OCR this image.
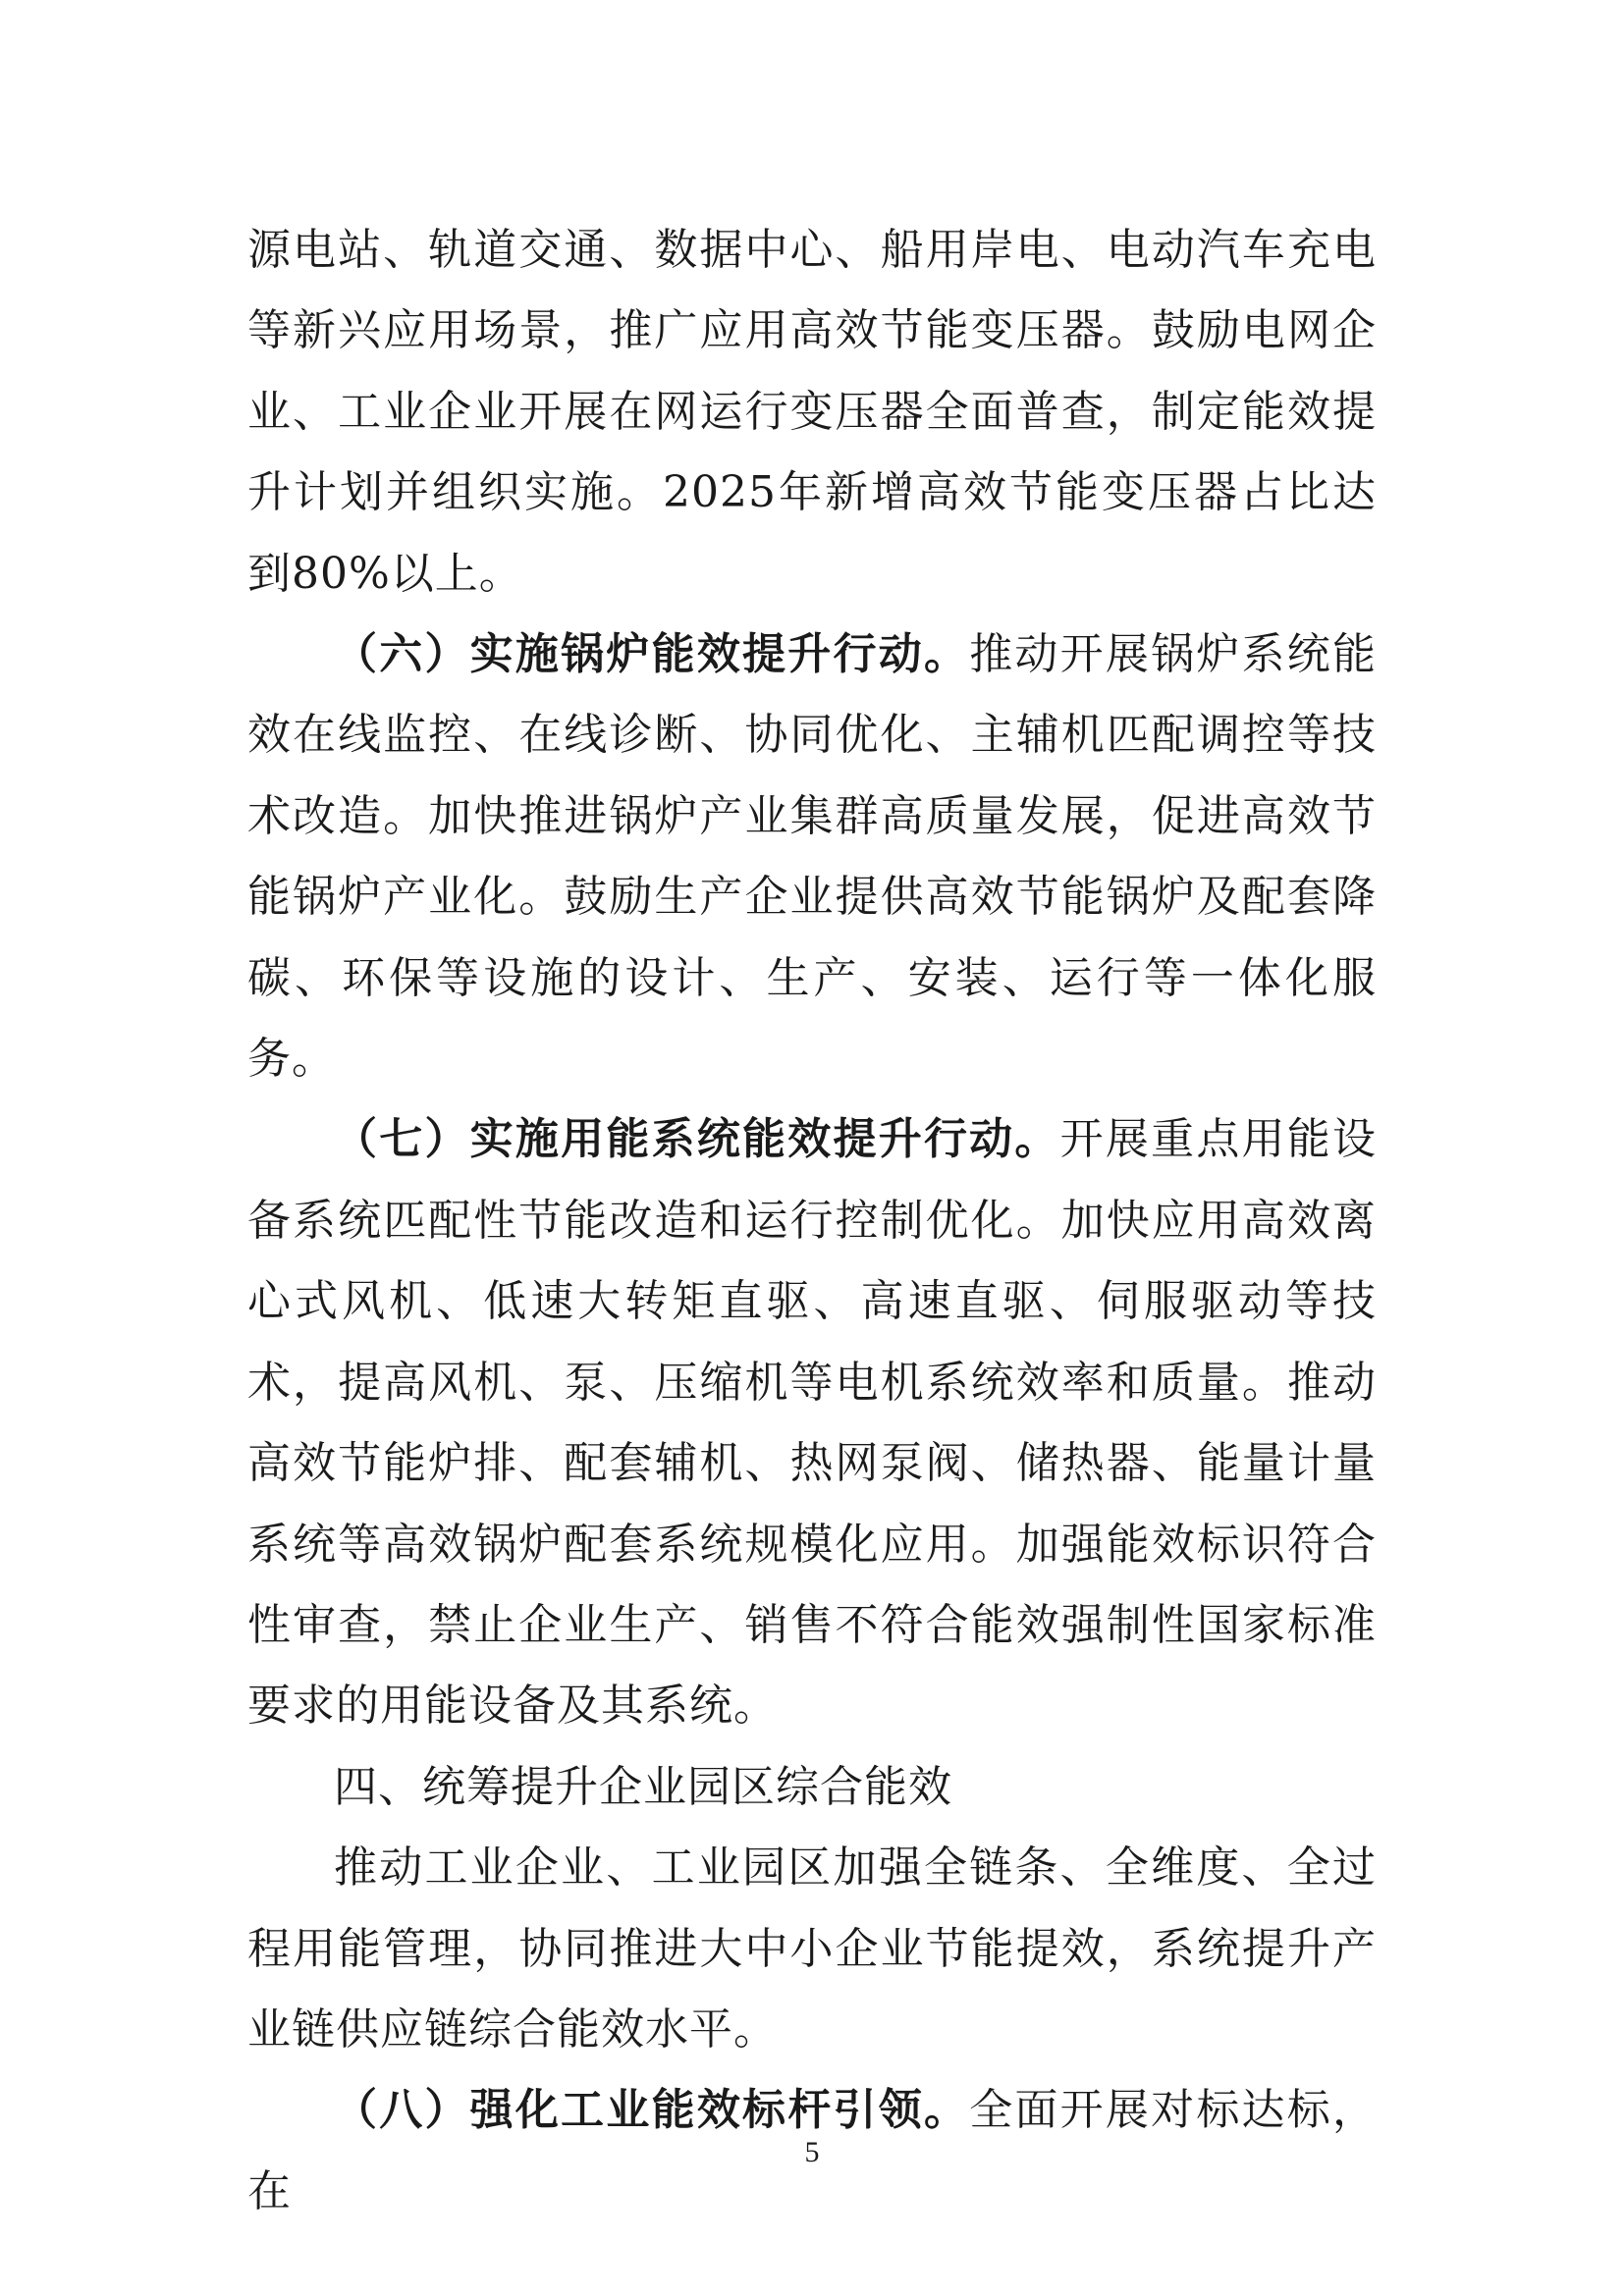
源电站、轨道交通、数据中心、船用岸电、电动汽车充电等新兴应用场景，推广应用高效节能变压器。鼓励电网企业、工业企业开展在网运行变压器全面普查，制定能效提升计划并组织实施。2025年新增高效节能变压器占比达到80%以上。

（六）实施锅炉能效提升行动。推动开展锅炉系统能效在线监控、在线诊断、协同优化、主辅机匹配调控等技术改造。加快推进锅炉产业集群高质量发展，促进高效节能锅炉产业化。鼓励生产企业提供高效节能锅炉及配套降碳、环保等设施的设计、生产、安装、运行等一体化服务。

（七）实施用能系统能效提升行动。开展重点用能设备系统匹配性节能改造和运行控制优化。加快应用高效离心式风机、低速大转矩直驱、高速直驱、伺服驱动等技术，提高风机、泵、压缩机等电机系统效率和质量。推动高效节能炉排、配套辅机、热网泵阀、储热器、能量计量系统等高效锅炉配套系统规模化应用。加强能效标识符合性审查，禁止企业生产、销售不符合能效强制性国家标准要求的用能设备及其系统。

四、统筹提升企业园区综合能效

推动工业企业、工业园区加强全链条、全维度、全过程用能管理，协同推进大中小企业节能提效，系统提升产业链供应链综合能效水平。

（八）强化工业能效标杆引领。全面开展对标达标，在

5
